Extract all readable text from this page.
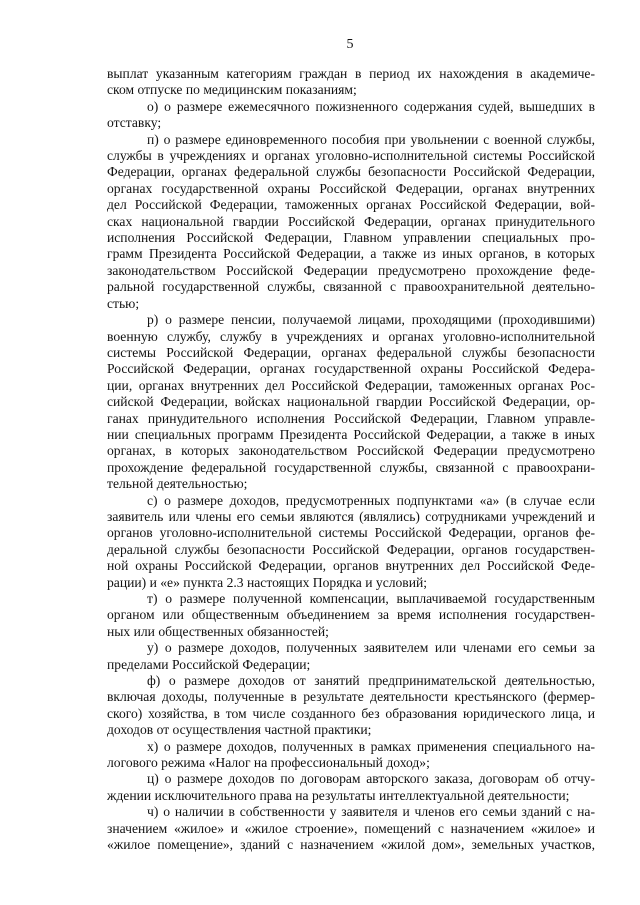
5
выплат указанным категориям граждан в период их нахождения в академиче-
ском отпуске по медицинским показаниям;
о) о размере ежемесячного пожизненного содержания судей, вышедших в
отставку;
п) о размере единовременного пособия при увольнении с военной службы,
службы в учреждениях и органах уголовно-исполнительной системы Российской
Федерации, органах федеральной службы безопасности Российской Федерации,
органах государственной охраны Российской Федерации, органах внутренних
дел Российской Федерации, таможенных органах Российской Федерации, вой-
сках национальной гвардии Российской Федерации, органах принудительного
исполнения Российской Федерации, Главном управлении специальных про-
грамм Президента Российской Федерации, а также из иных органов, в которых
законодательством Российской Федерации предусмотрено прохождение феде-
ральной государственной службы, связанной с правоохранительной деятельно-
стью;
р) о размере пенсии, получаемой лицами, проходящими (проходившими)
военную службу, службу в учреждениях и органах уголовно-исполнительной
системы Российской Федерации, органах федеральной службы безопасности
Российской Федерации, органах государственной охраны Российской Федера-
ции, органах внутренних дел Российской Федерации, таможенных органах Рос-
сийской Федерации, войсках национальной гвардии Российской Федерации, ор-
ганах принудительного исполнения Российской Федерации, Главном управле-
нии специальных программ Президента Российской Федерации, а также в иных
органах, в которых законодательством Российской Федерации предусмотрено
прохождение федеральной государственной службы, связанной с правоохрани-
тельной деятельностью;
с) о размере доходов, предусмотренных подпунктами «а» (в случае если
заявитель или члены его семьи являются (являлись) сотрудниками учреждений и
органов уголовно-исполнительной системы Российской Федерации, органов фе-
деральной службы безопасности Российской Федерации, органов государствен-
ной охраны Российской Федерации, органов внутренних дел Российской Феде-
рации) и «е» пункта 2.3 настоящих Порядка и условий;
т) о размере полученной компенсации, выплачиваемой государственным
органом или общественным объединением за время исполнения государствен-
ных или общественных обязанностей;
у) о размере доходов, полученных заявителем или членами его семьи за
пределами Российской Федерации;
ф) о размере доходов от занятий предпринимательской деятельностью,
включая доходы, полученные в результате деятельности крестьянского (фермер-
ского) хозяйства, в том числе созданного без образования юридического лица, и
доходов от осуществления частной практики;
х) о размере доходов, полученных в рамках применения специального на-
логового режима «Налог на профессиональный доход»;
ц) о размере доходов по договорам авторского заказа, договорам об отчу-
ждении исключительного права на результаты интеллектуальной деятельности;
ч) о наличии в собственности у заявителя и членов его семьи зданий с на-
значением «жилое» и «жилое строение», помещений с назначением «жилое» и
«жилое помещение», зданий с назначением «жилой дом», земельных участков,
